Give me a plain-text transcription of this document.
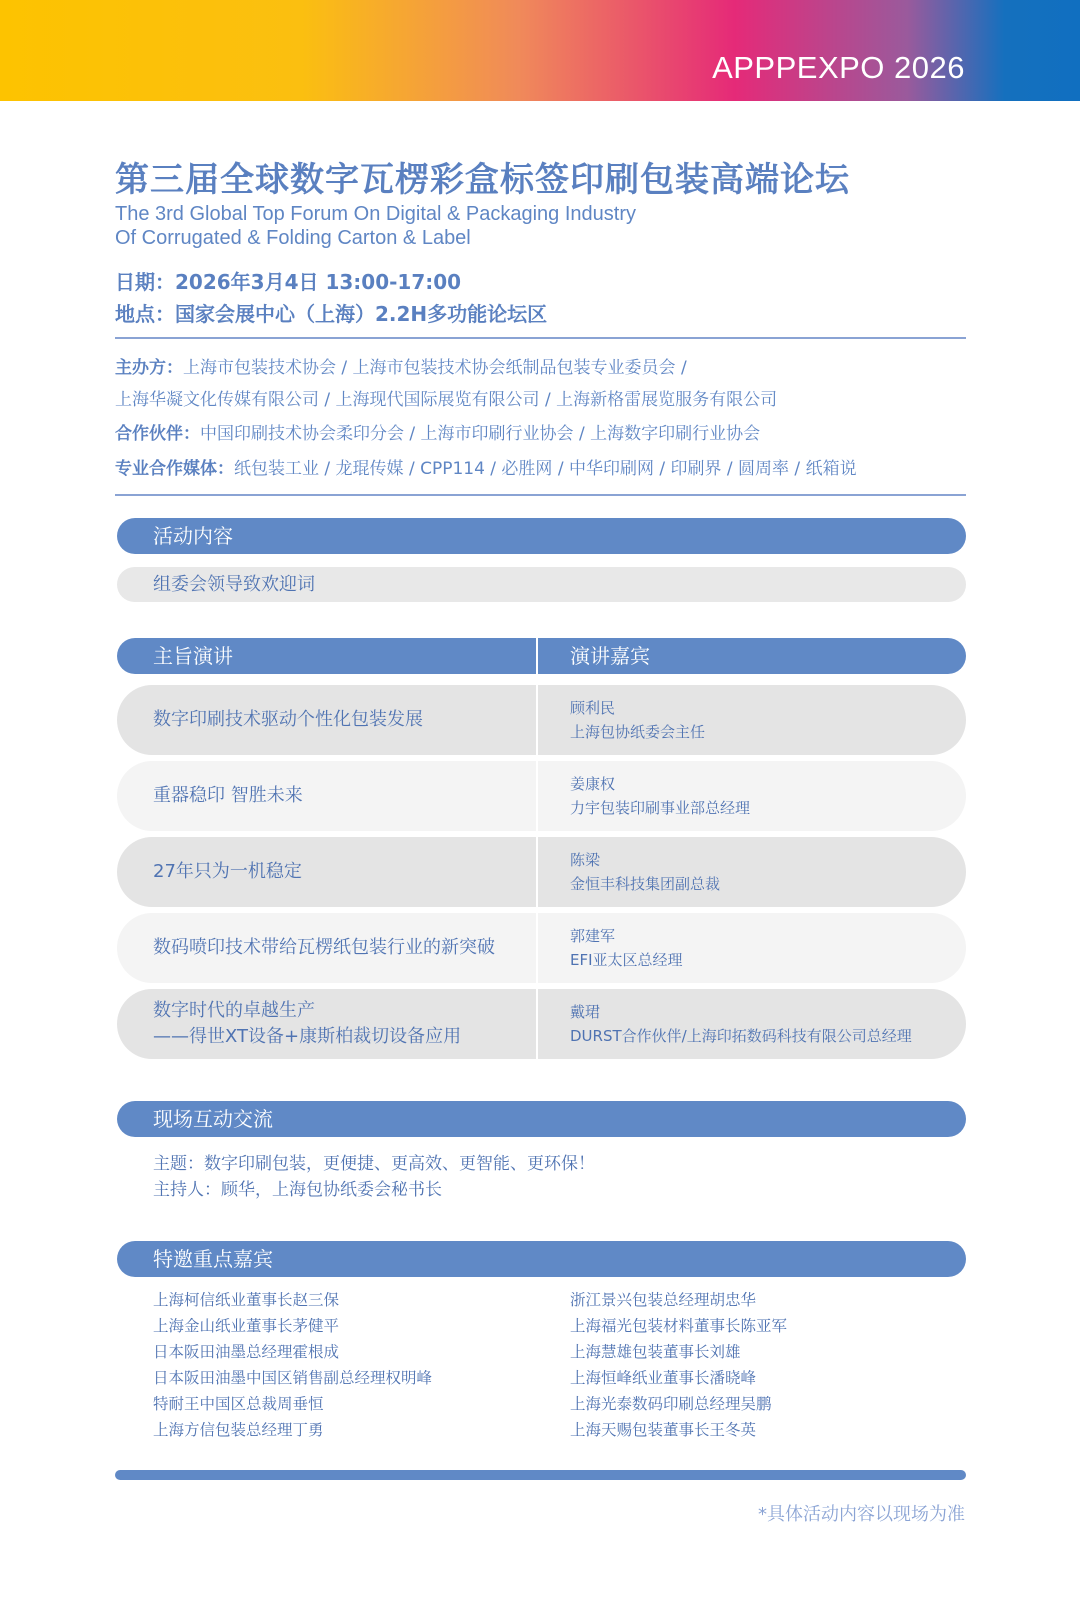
APPPEXPO 2026
第三届全球数字瓦楞彩盒标签印刷包装高端论坛
The 3rd Global Top Forum On Digital & Packaging Industry
Of Corrugated & Folding Carton & Label
日期：2026年3月4日 13:00-17:00
地点：国家会展中心（上海）2.2H多功能论坛区
主办方：上海市包装技术协会 / 上海市包装技术协会纸制品包装专业委员会 /
上海华凝文化传媒有限公司 / 上海现代国际展览有限公司 / 上海新格雷展览服务有限公司
合作伙伴：中国印刷技术协会柔印分会 / 上海市印刷行业协会 / 上海数字印刷行业协会
专业合作媒体：纸包装工业 / 龙琨传媒 / CPP114 / 必胜网 / 中华印刷网 / 印刷界 / 圆周率 / 纸箱说
活动内容
组委会领导致欢迎词
主旨演讲	演讲嘉宾
数字印刷技术驱动个性化包装发展
顾利民
上海包协纸委会主任
重器稳印 智胜未来
姜康权
力宇包装印刷事业部总经理
27年只为一机稳定
陈梁
金恒丰科技集团副总裁
数码喷印技术带给瓦楞纸包装行业的新突破
郭建军
EFI亚太区总经理
数字时代的卓越生产
——得世XT设备+康斯柏裁切设备应用
戴珺
DURST合作伙伴/上海印拓数码科技有限公司总经理
现场互动交流
主题：数字印刷包装，更便捷、更高效、更智能、更环保！
主持人：顾华，上海包协纸委会秘书长
特邀重点嘉宾
上海柯信纸业董事长赵三保
上海金山纸业董事长茅健平
日本阪田油墨总经理霍根成
日本阪田油墨中国区销售副总经理权明峰
特耐王中国区总裁周垂恒
上海方信包装总经理丁勇
浙江景兴包装总经理胡忠华
上海福光包装材料董事长陈亚军
上海慧雄包装董事长刘雄
上海恒峰纸业董事长潘晓峰
上海光泰数码印刷总经理吴鹏
上海天赐包装董事长王冬英
*具体活动内容以现场为准
